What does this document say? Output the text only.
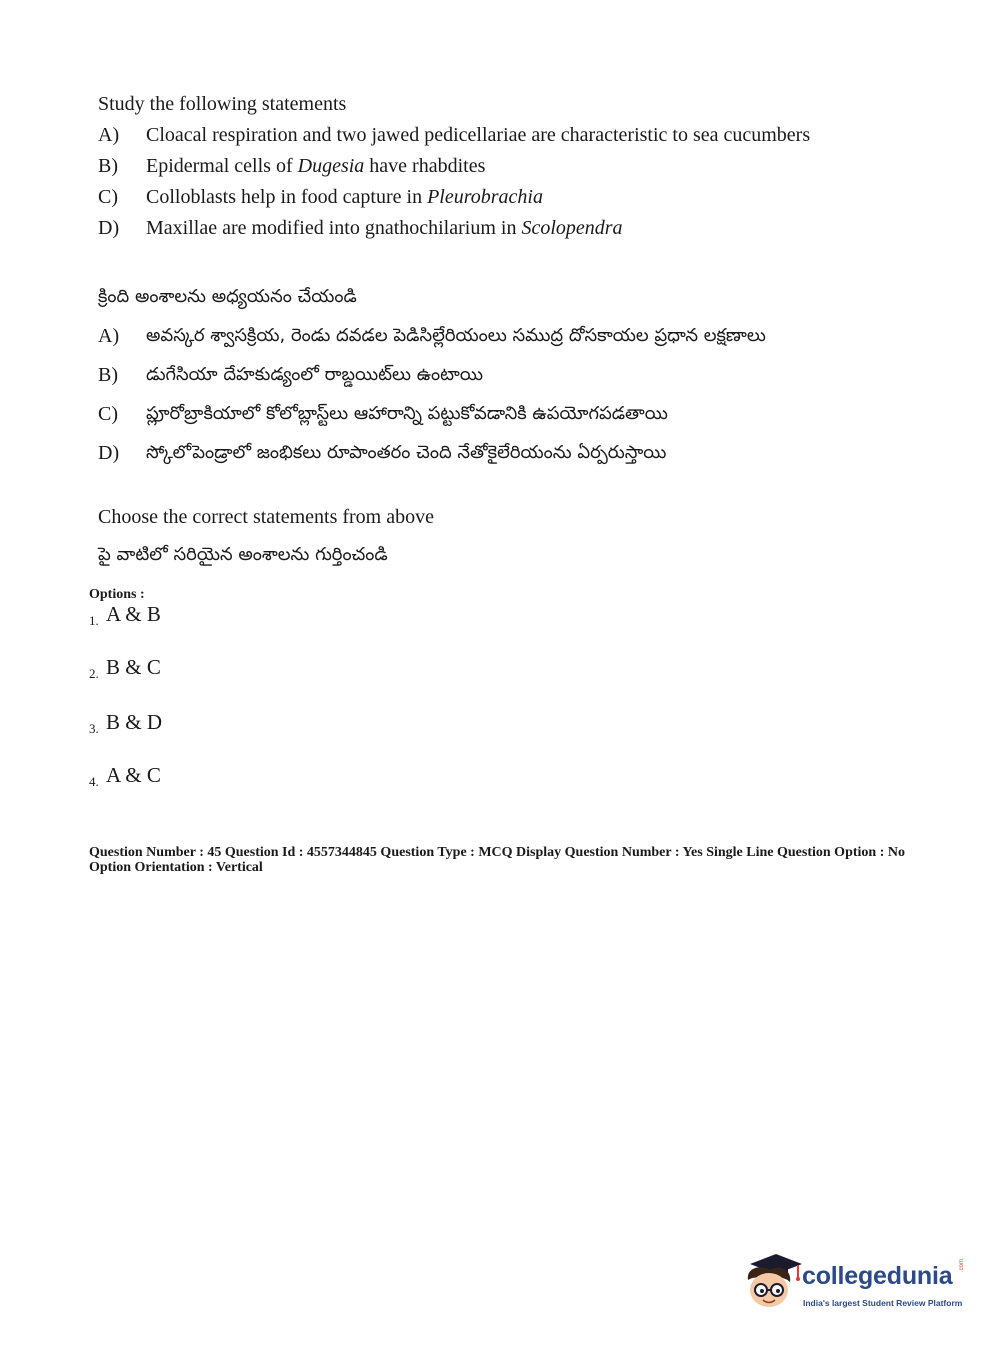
Study the following statements
A)	Cloacal respiration and two jawed pedicellariae are characteristic to sea cucumbers
B)	Epidermal cells of Dugesia have rhabdites
C)	Colloblasts help in food capture in Pleurobrachia
D)	Maxillae are modified into gnathochilarium in Scolopendra
క్రింది అంశాలను అధ్యయనం చేయండి
A)	అవస్కర శ్వాసక్రియ, రెండు దవడల పెడిసిల్లేరియంలు సముద్ర దోసకాయల ప్రధాన లక్షణాలు
B)	డుగేసియా దేహకుడ్యంలో రాబ్డయిట్‌లు ఉంటాయి
C)	ప్లూరోబ్రాకియాలో కోలోబ్లాస్ట్‌లు ఆహారాన్ని పట్టుకోవడానికి ఉపయోగపడతాయి
D)	స్కోలోపెండ్రాలో జంభికలు రూపాంతరం చెంది నేతోకైలేరియంను ఏర్పరుస్తాయి
Choose the correct statements from above
పై వాటిలో సరియైన అంశాలను గుర్తించండి
Options :
1. A & B
2. B & C
3. B & D
4. A & C
Question Number : 45 Question Id : 4557344845 Question Type : MCQ Display Question Number : Yes Single Line Question Option : No Option Orientation : Vertical
collegedunia .com
India's largest Student Review Platform
